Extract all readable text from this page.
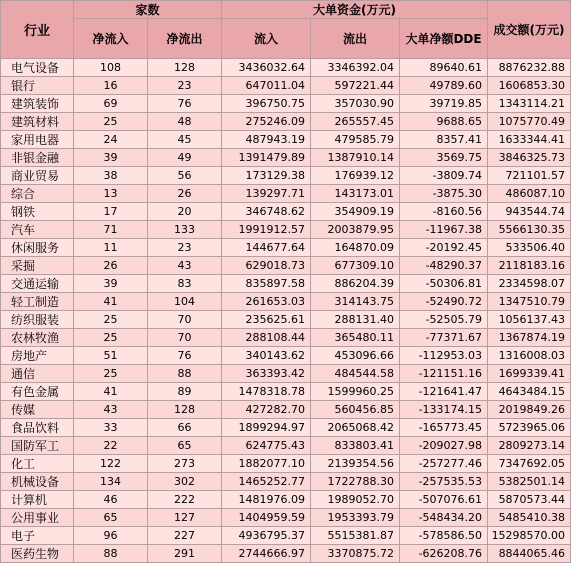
行业	家数		大单资金(万元)			成交额(万元)
	净流入	净流出	流入	流出	大单净额DDE	
电气设备	108	128	3436032.64	3346392.04	89640.61	8876232.88
银行	16	23	647011.04	597221.44	49789.60	1606853.30
建筑装饰	69	76	396750.75	357030.90	39719.85	1343114.21
建筑材料	25	48	275246.09	265557.45	9688.65	1075770.49
家用电器	24	45	487943.19	479585.79	8357.41	1633344.41
非银金融	39	49	1391479.89	1387910.14	3569.75	3846325.73
商业贸易	38	56	173129.38	176939.12	-3809.74	721101.57
综合	13	26	139297.71	143173.01	-3875.30	486087.10
钢铁	17	20	346748.62	354909.19	-8160.56	943544.74
汽车	71	133	1991912.57	2003879.95	-11967.38	5566130.35
休闲服务	11	23	144677.64	164870.09	-20192.45	533506.40
采掘	26	43	629018.73	677309.10	-48290.37	2118183.16
交通运输	39	83	835897.58	886204.39	-50306.81	2334598.07
轻工制造	41	104	261653.03	314143.75	-52490.72	1347510.79
纺织服装	25	70	235625.61	288131.40	-52505.79	1056137.43
农林牧渔	25	70	288108.44	365480.11	-77371.67	1367874.19
房地产	51	76	340143.62	453096.66	-112953.03	1316008.03
通信	25	88	363393.42	484544.58	-121151.16	1699339.41
有色金属	41	89	1478318.78	1599960.25	-121641.47	4643484.15
传媒	43	128	427282.70	560456.85	-133174.15	2019849.26
食品饮料	33	66	1899294.97	2065068.42	-165773.45	5723965.06
国防军工	22	65	624775.43	833803.41	-209027.98	2809273.14
化工	122	273	1882077.10	2139354.56	-257277.46	7347692.05
机械设备	134	302	1465252.77	1722788.30	-257535.53	5382501.14
计算机	46	222	1481976.09	1989052.70	-507076.61	5870573.44
公用事业	65	127	1404959.59	1953393.79	-548434.20	5485410.38
电子	96	227	4936795.37	5515381.87	-578586.50	15298570.00
医药生物	88	291	2744666.97	3370875.72	-626208.76	8844065.46
